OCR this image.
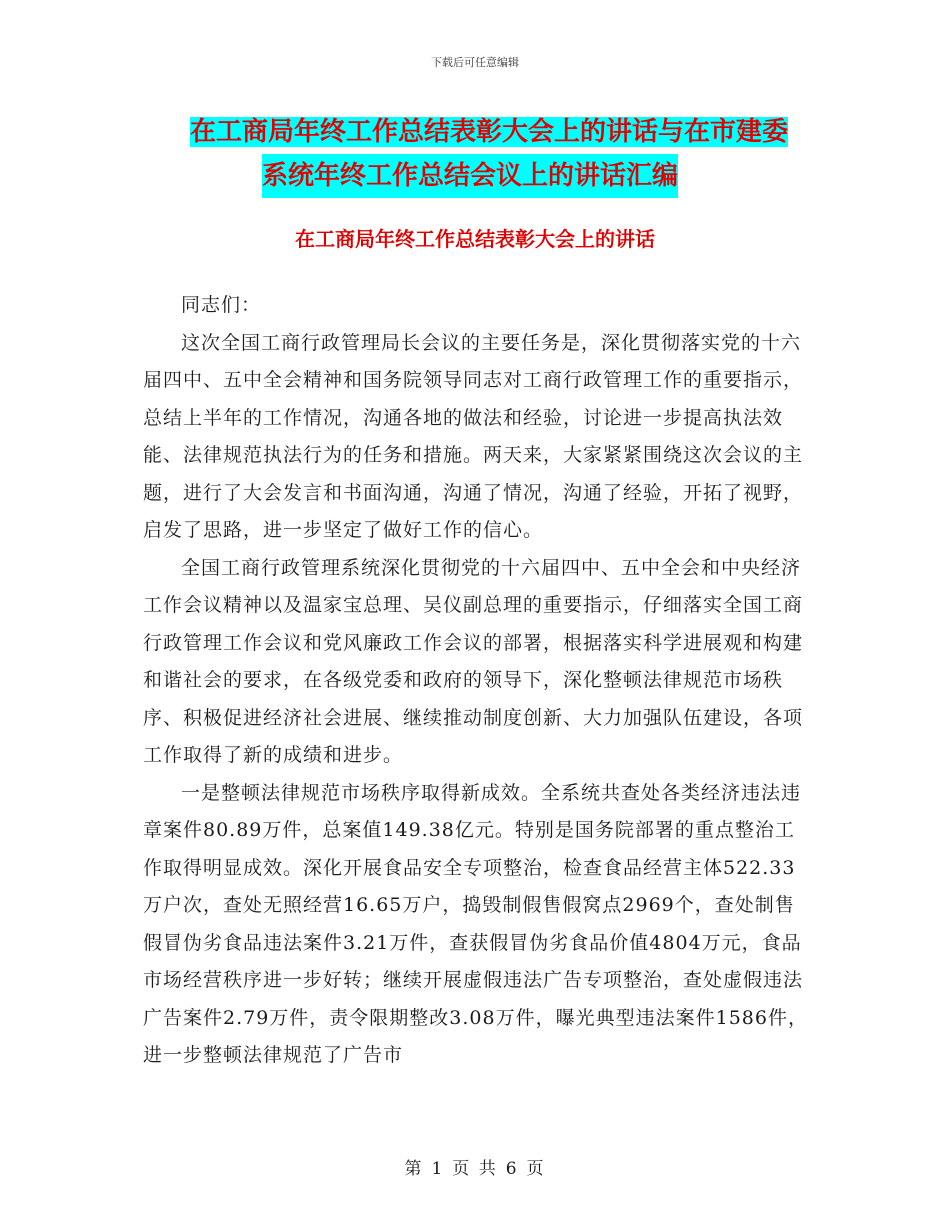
下载后可任意编辑
在工商局年终工作总结表彰大会上的讲话与在市建委
系统年终工作总结会议上的讲话汇编
在工商局年终工作总结表彰大会上的讲话

同志们：

这次全国工商行政管理局长会议的主要任务是，深化贯彻落实党的十六届四中、五中全会精神和国务院领导同志对工商行政管理工作的重要指示，总结上半年的工作情况，沟通各地的做法和经验，讨论进一步提高执法效能、法律规范执法行为的任务和措施。两天来，大家紧紧围绕这次会议的主题，进行了大会发言和书面沟通，沟通了情况，沟通了经验，开拓了视野，启发了思路，进一步坚定了做好工作的信心。

全国工商行政管理系统深化贯彻党的十六届四中、五中全会和中央经济工作会议精神以及温家宝总理、吴仪副总理的重要指示，仔细落实全国工商行政管理工作会议和党风廉政工作会议的部署，根据落实科学进展观和构建和谐社会的要求，在各级党委和政府的领导下，深化整顿法律规范市场秩序、积极促进经济社会进展、继续推动制度创新、大力加强队伍建设，各项工作取得了新的成绩和进步。

一是整顿法律规范市场秩序取得新成效。全系统共查处各类经济违法违章案件80.89万件，总案值149.38亿元。特别是国务院部署的重点整治工作取得明显成效。深化开展食品安全专项整治，检查食品经营主体522.33万户次，查处无照经营16.65万户，捣毁制假售假窝点2969个，查处制售假冒伪劣食品违法案件3.21万件，查获假冒伪劣食品价值4804万元，食品市场经营秩序进一步好转；继续开展虚假违法广告专项整治，查处虚假违法广告案件2.79万件，责令限期整改3.08万件，曝光典型违法案件1586件，进一步整顿法律规范了广告市

第 1 页 共 6 页
